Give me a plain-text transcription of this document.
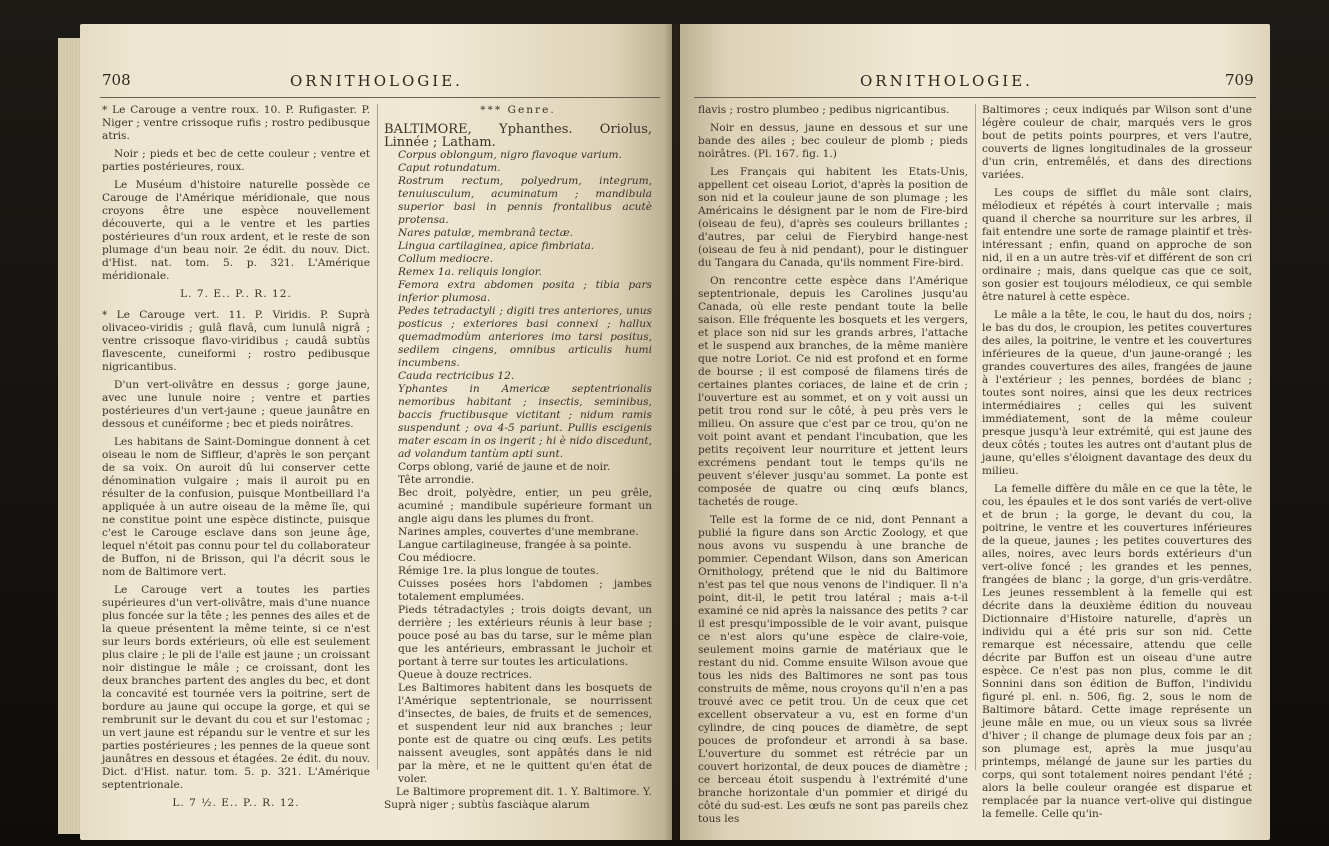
708	ORNITHOLOGIE.

* Le Carouge a ventre roux. 10. P. Rufigaster. P. Niger ; ventre crissoque rufis ; rostro pedibusque atris.

Noir ; pieds et bec de cette couleur ; ventre et parties postérieures, roux.

Le Muséum d'histoire naturelle possède ce Carouge de l'Amérique méridionale, que nous croyons être une espèce nouvellement découverte, qui a le ventre et les parties postérieures d'un roux ardent, et le reste de son plumage d'un beau noir. 2e édit. du nouv. Dict. d'Hist. nat. tom. 5. p. 321. L'Amérique méridionale.

L. 7. E.. P.. R. 12.

* Le Carouge vert. 11. P. Viridis. P. Suprà olivaceo-viridis ; gulâ flavâ, cum lunulâ nigrâ ; ventre crissoque flavo-viridibus ; caudâ subtùs flavescente, cuneiformi ; rostro pedibusque nigricantibus.

D'un vert-olivâtre en dessus ; gorge jaune, avec une lunule noire ; ventre et parties postérieures d'un vert-jaune ; queue jaunâtre en dessous et cunéiforme ; bec et pieds noirâtres.

Les habitans de Saint-Domingue donnent à cet oiseau le nom de Siffleur, d'après le son perçant de sa voix. On auroit dû lui conserver cette dénomination vulgaire ; mais il auroit pu en résulter de la confusion, puisque Montbeillard l'a appliquée à un autre oiseau de la même île, qui ne constitue point une espèce distincte, puisque c'est le Carouge esclave dans son jeune âge, lequel n'étoit pas connu pour tel du collaborateur de Buffon, ni de Brisson, qui l'a décrit sous le nom de Baltimore vert.

Le Carouge vert a toutes les parties supérieures d'un vert-olivâtre, mais d'une nuance plus foncée sur la tête ; les pennes des ailes et de la queue présentent la même teinte, si ce n'est sur leurs bords extérieurs, où elle est seulement plus claire ; le pli de l'aile est jaune ; un croissant noir distingue le mâle ; ce croissant, dont les deux branches partent des angles du bec, et dont la concavité est tournée vers la poitrine, sert de bordure au jaune qui occupe la gorge, et qui se rembrunit sur le devant du cou et sur l'estomac ; un vert jaune est répandu sur le ventre et sur les parties postérieures ; les pennes de la queue sont jaunâtres en dessous et étagées. 2e édit. du nouv. Dict. d'Hist. natur. tom. 5. p. 321. L'Amérique septentrionale.

L. 7 ½. E.. P.. R. 12.

*** Genre.

BALTIMORE, Yphanthes. Oriolus, Linnée ; Latham.

Corpus oblongum, nigro flavoque varium.

Caput rotundatum.

Rostrum rectum, polyedrum, integrum, tenuiusculum, acuminatum ; mandibula superior basi in pennis frontalibus acutè protensa.

Nares patulæ, membranâ tectæ.

Lingua cartilaginea, apice fimbriata.

Collum mediocre.

Remex 1a. reliquis longior.

Femora extra abdomen posita ; tibia pars inferior plumosa.

Pedes tetradactyli ; digiti tres anteriores, unus posticus ; exteriores basi connexi ; hallux quemadmodùm anteriores imo tarsi positus, sedilem cingens, omnibus articulis humi incumbens.

Cauda rectricibus 12.

Yphantes in Americæ septentrionalis nemoribus habitant ; insectis, seminibus, baccis fructibusque victitant ; nidum ramis suspendunt ; ova 4-5 pariunt. Pullis escigenis mater escam in os ingerit ; hi è nido discedunt, ad volandum tantùm apti sunt.

Corps oblong, varié de jaune et de noir.

Tête arrondie.

Bec droit, polyèdre, entier, un peu grêle, acuminé ; mandibule supérieure formant un angle aigu dans les plumes du front.

Narines amples, couvertes d'une membrane.

Langue cartilagineuse, frangée à sa pointe.

Cou médiocre.

Rémige 1re. la plus longue de toutes.

Cuisses posées hors l'abdomen ; jambes totalement emplumées.

Pieds tétradactyles ; trois doigts devant, un derrière ; les extérieurs réunis à leur base ; pouce posé au bas du tarse, sur le même plan que les antérieurs, embrassant le juchoir et portant à terre sur toutes les articulations.

Queue à douze rectrices.

Les Baltimores habitent dans les bosquets de l'Amérique septentrionale, se nourrissent d'insectes, de baies, de fruits et de semences, et suspendent leur nid aux branches ; leur ponte est de quatre ou cinq œufs. Les petits naissent aveugles, sont appâtés dans le nid par la mère, et ne le quittent qu'en état de voler.

Le Baltimore proprement dit. 1. Y. Baltimore. Y. Suprà niger ; subtùs fasciàque alarum

ORNITHOLOGIE.	709

flavis ; rostro plumbeo ; pedibus nigricantibus.

Noir en dessus, jaune en dessous et sur une bande des ailes ; bec couleur de plomb ; pieds noirâtres. (Pl. 167. fig. 1.)

Les Français qui habitent les Etats-Unis, appellent cet oiseau Loriot, d'après la position de son nid et la couleur jaune de son plumage ; les Américains le désignent par le nom de Fire-bird (oiseau de feu), d'après ses couleurs brillantes ; d'autres, par celui de Fierybird hange-nest (oiseau de feu à nid pendant), pour le distinguer du Tangara du Canada, qu'ils nomment Fire-bird.

On rencontre cette espèce dans l'Amérique septentrionale, depuis les Carolines jusqu'au Canada, où elle reste pendant toute la belle saison. Elle fréquente les bosquets et les vergers, et place son nid sur les grands arbres, l'attache et le suspend aux branches, de la même manière que notre Loriot. Ce nid est profond et en forme de bourse ; il est composé de filamens tirés de certaines plantes coriaces, de laine et de crin ; l'ouverture est au sommet, et on y voit aussi un petit trou rond sur le côté, à peu près vers le milieu. On assure que c'est par ce trou, qu'on ne voit point avant et pendant l'incubation, que les petits reçoivent leur nourriture et jettent leurs excrémens pendant tout le temps qu'ils ne peuvent s'élever jusqu'au sommet. La ponte est composée de quatre ou cinq œufs blancs, tachetés de rouge.

Telle est la forme de ce nid, dont Pennant a publié la figure dans son Arctic Zoology, et que nous avons vu suspendu à une branche de pommier. Cependant Wilson, dans son American Ornithology, prétend que le nid du Baltimore n'est pas tel que nous venons de l'indiquer. Il n'a point, dit-il, le petit trou latéral ; mais a-t-il examiné ce nid après la naissance des petits ? car il est presqu'impossible de le voir avant, puisque ce n'est alors qu'une espèce de claire-voie, seulement moins garnie de matériaux que le restant du nid. Comme ensuite Wilson avoue que tous les nids des Baltimores ne sont pas tous construits de même, nous croyons qu'il n'en a pas trouvé avec ce petit trou. Un de ceux que cet excellent observateur a vu, est en forme d'un cylindre, de cinq pouces de diamètre, de sept pouces de profondeur et arrondi à sa base. L'ouverture du sommet est rétrécie par un couvert horizontal, de deux pouces de diamètre ; ce berceau étoit suspendu à l'extrémité d'une branche horizontale d'un pommier et dirigé du côté du sud-est. Les œufs ne sont pas pareils chez tous les

Baltimores ; ceux indiqués par Wilson sont d'une légère couleur de chair, marqués vers le gros bout de petits points pourpres, et vers l'autre, couverts de lignes longitudinales de la grosseur d'un crin, entremêlés, et dans des directions variées.

Les coups de sifflet du mâle sont clairs, mélodieux et répétés à court intervalle ; mais quand il cherche sa nourriture sur les arbres, il fait entendre une sorte de ramage plaintif et très-intéressant ; enfin, quand on approche de son nid, il en a un autre très-vif et différent de son cri ordinaire ; mais, dans quelque cas que ce soit, son gosier est toujours mélodieux, ce qui semble être naturel à cette espèce.

Le mâle a la tête, le cou, le haut du dos, noirs ; le bas du dos, le croupion, les petites couvertures des ailes, la poitrine, le ventre et les couvertures inférieures de la queue, d'un jaune-orangé ; les grandes couvertures des ailes, frangées de jaune à l'extérieur ; les pennes, bordées de blanc ; toutes sont noires, ainsi que les deux rectrices intermédiaires ; celles qui les suivent immédiatement, sont de la même couleur presque jusqu'à leur extrémité, qui est jaune des deux côtés ; toutes les autres ont d'autant plus de jaune, qu'elles s'éloignent davantage des deux du milieu.

La femelle diffère du mâle en ce que la tête, le cou, les épaules et le dos sont variés de vert-olive et de brun ; la gorge, le devant du cou, la poitrine, le ventre et les couvertures inférieures de la queue, jaunes ; les petites couvertures des ailes, noires, avec leurs bords extérieurs d'un vert-olive foncé ; les grandes et les pennes, frangées de blanc ; la gorge, d'un gris-verdâtre. Les jeunes ressemblent à la femelle qui est décrite dans la deuxième édition du nouveau Dictionnaire d'Histoire naturelle, d'après un individu qui a été pris sur son nid. Cette remarque est nécessaire, attendu que celle décrite par Buffon est un oiseau d'une autre espèce. Ce n'est pas non plus, comme le dit Sonnini dans son édition de Buffon, l'individu figuré pl. enl. n. 506, fig. 2, sous le nom de Baltimore bâtard. Cette image représente un jeune mâle en mue, ou un vieux sous sa livrée d'hiver ; il change de plumage deux fois par an ; son plumage est, après la mue jusqu'au printemps, mélangé de jaune sur les parties du corps, qui sont totalement noires pendant l'été ; alors la belle couleur orangée est disparue et remplacée par la nuance vert-olive qui distingue la femelle. Celle qu'in-
